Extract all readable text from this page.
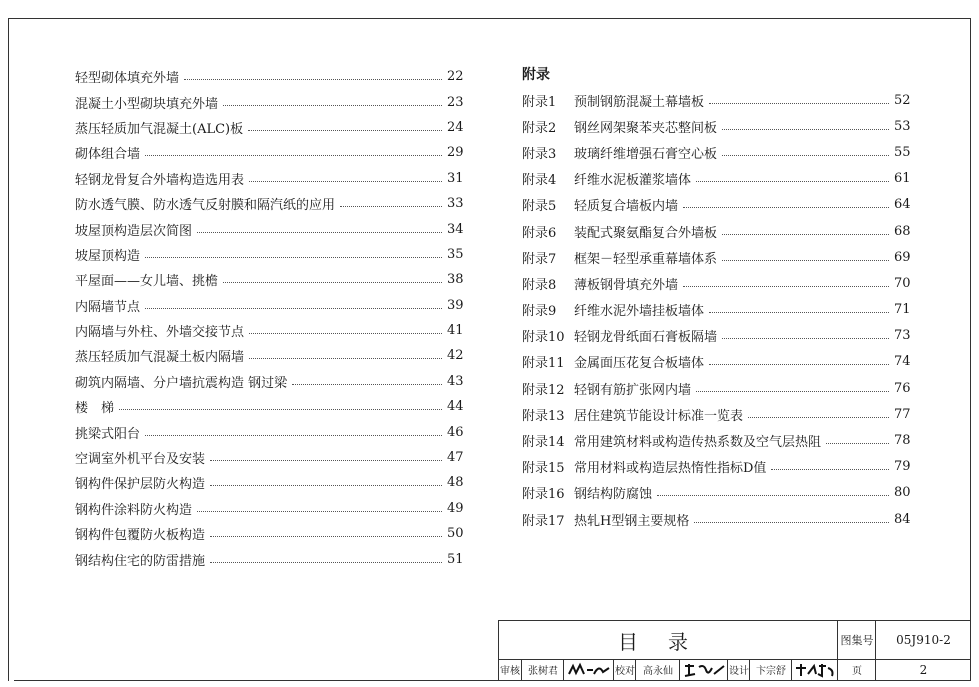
轻型砌体填充外墙	22
混凝土小型砌块填充外墙	23
蒸压轻质加气混凝土(ALC)板	24
砌体组合墙	29
轻钢龙骨复合外墙构造选用表	31
防水透气膜、防水透气反射膜和隔汽纸的应用	33
坡屋顶构造层次简图	34
坡屋顶构造	35
平屋面——女儿墙、挑檐	38
内隔墙节点	39
内隔墙与外柱、外墙交接节点	41
蒸压轻质加气混凝土板内隔墙	42
砌筑内隔墙、分户墙抗震构造 钢过梁	43
楼　梯	44
挑梁式阳台	46
空调室外机平台及安装	47
钢构件保护层防火构造	48
钢构件涂料防火构造	49
钢构件包覆防火板构造	50
钢结构住宅的防雷措施	51
附录
附录1 预制钢筋混凝土幕墙板	52
附录2 钢丝网架聚苯夹芯整间板	53
附录3 玻璃纤维增强石膏空心板	55
附录4 纤维水泥板灌浆墙体	61
附录5 轻质复合墙板内墙	64
附录6 装配式聚氨酯复合外墙板	68
附录7 框架－轻型承重幕墙体系	69
附录8 薄板钢骨填充外墙	70
附录9 纤维水泥外墙挂板墙体	71
附录10 轻钢龙骨纸面石膏板隔墙	73
附录11 金属面压花复合板墙体	74
附录12 轻钢有筋扩张网内墙	76
附录13 居住建筑节能设计标准一览表	77
附录14 常用建筑材料或构造传热系数及空气层热阻	78
附录15 常用材料或构造层热惰性指标D值	79
附录16 钢结构防腐蚀	80
附录17 热轧H型钢主要规格	84
目录	图集号	05J910-2
审核 张树君	校对 高永仙	设计 卞宗舒	页	2
